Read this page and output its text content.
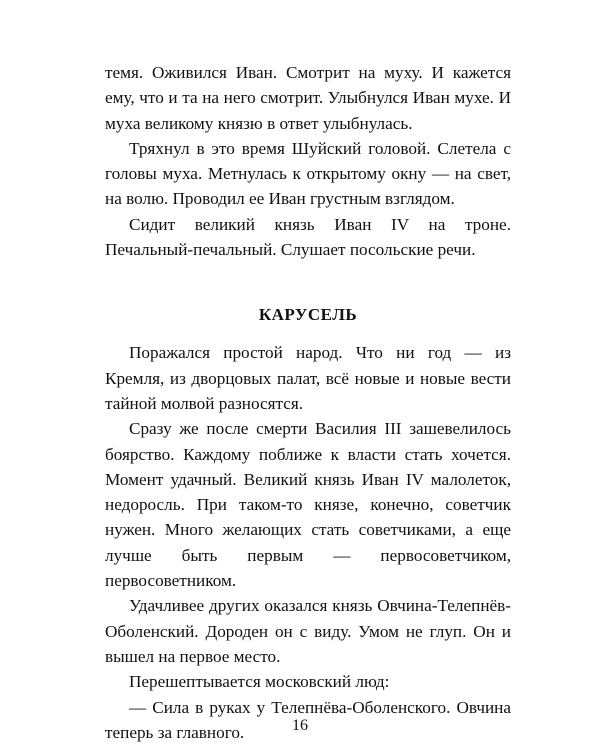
темя. Оживился Иван. Смотрит на муху. И кажется ему, что и та на него смотрит. Улыбнулся Иван мухе. И муха великому князю в ответ улыбнулась.

Тряхнул в это время Шуйский головой. Слетела с головы муха. Метнулась к открытому окну — на свет, на волю. Проводил ее Иван грустным взглядом.

Сидит великий князь Иван IV на троне. Печальный-печальный. Слушает посольские речи.

КАРУСЕЛЬ

Поражался простой народ. Что ни год — из Кремля, из дворцовых палат, всё новые и новые вести тайной молвой разносятся.

Сразу же после смерти Василия III зашевелилось боярство. Каждому поближе к власти стать хочется. Момент удачный. Великий князь Иван IV малолеток, недоросль. При таком-то князе, конечно, советчик нужен. Много желающих стать советчиками, а еще лучше быть первым — первосоветчиком, первосоветником.

Удачливее других оказался князь Овчина-Телепнёв-Оболенский. Дороден он с виду. Умом не глуп. Он и вышел на первое место.

Перешептывается московский люд:

— Сила в руках у Телепнёва-Оболенского. Овчина теперь за главного.	16
